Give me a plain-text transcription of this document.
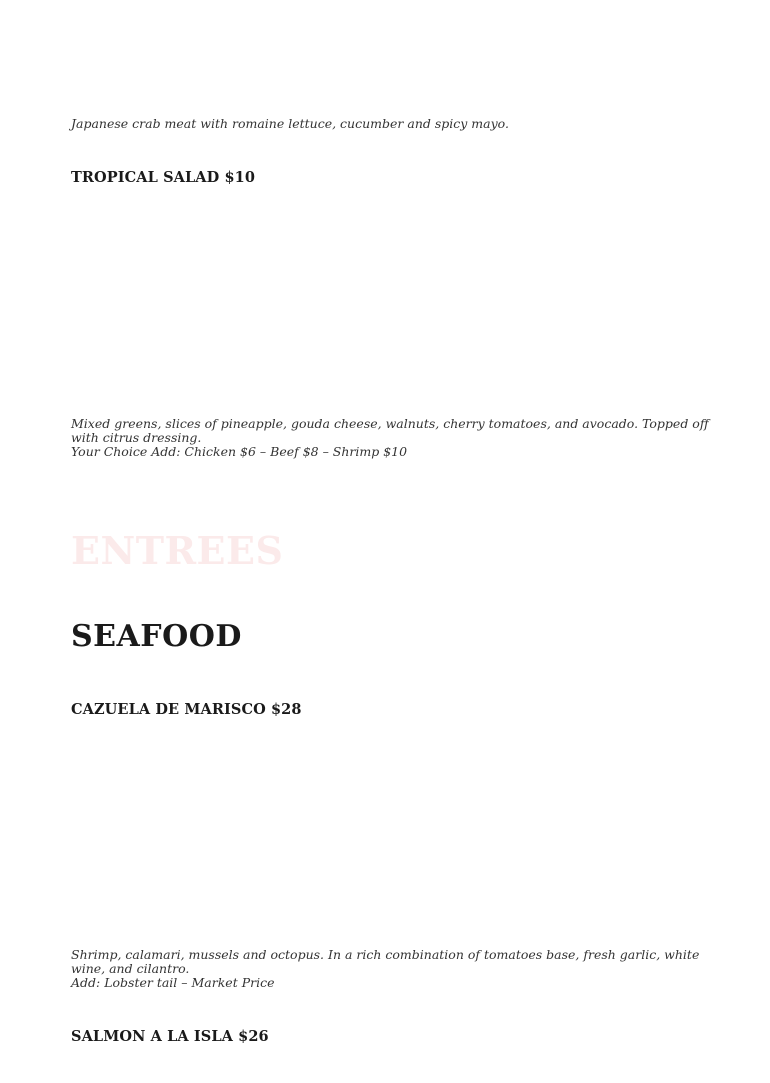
Japanese crab meat with romaine lettuce, cucumber and spicy mayo.

TROPICAL SALAD $10

Mixed greens, slices of pineapple, gouda cheese, walnuts, cherry tomatoes, and avocado. Topped off with citrus dressing.
Your Choice Add: Chicken $6 – Beef $8 – Shrimp $10

ENTREES
SEAFOOD
CAZUELA DE MARISCO $28

Shrimp, calamari, mussels and octopus. In a rich combination of tomatoes base, fresh garlic, white wine, and cilantro.
Add: Lobster tail – Market Price

SALMON A LA ISLA $26
